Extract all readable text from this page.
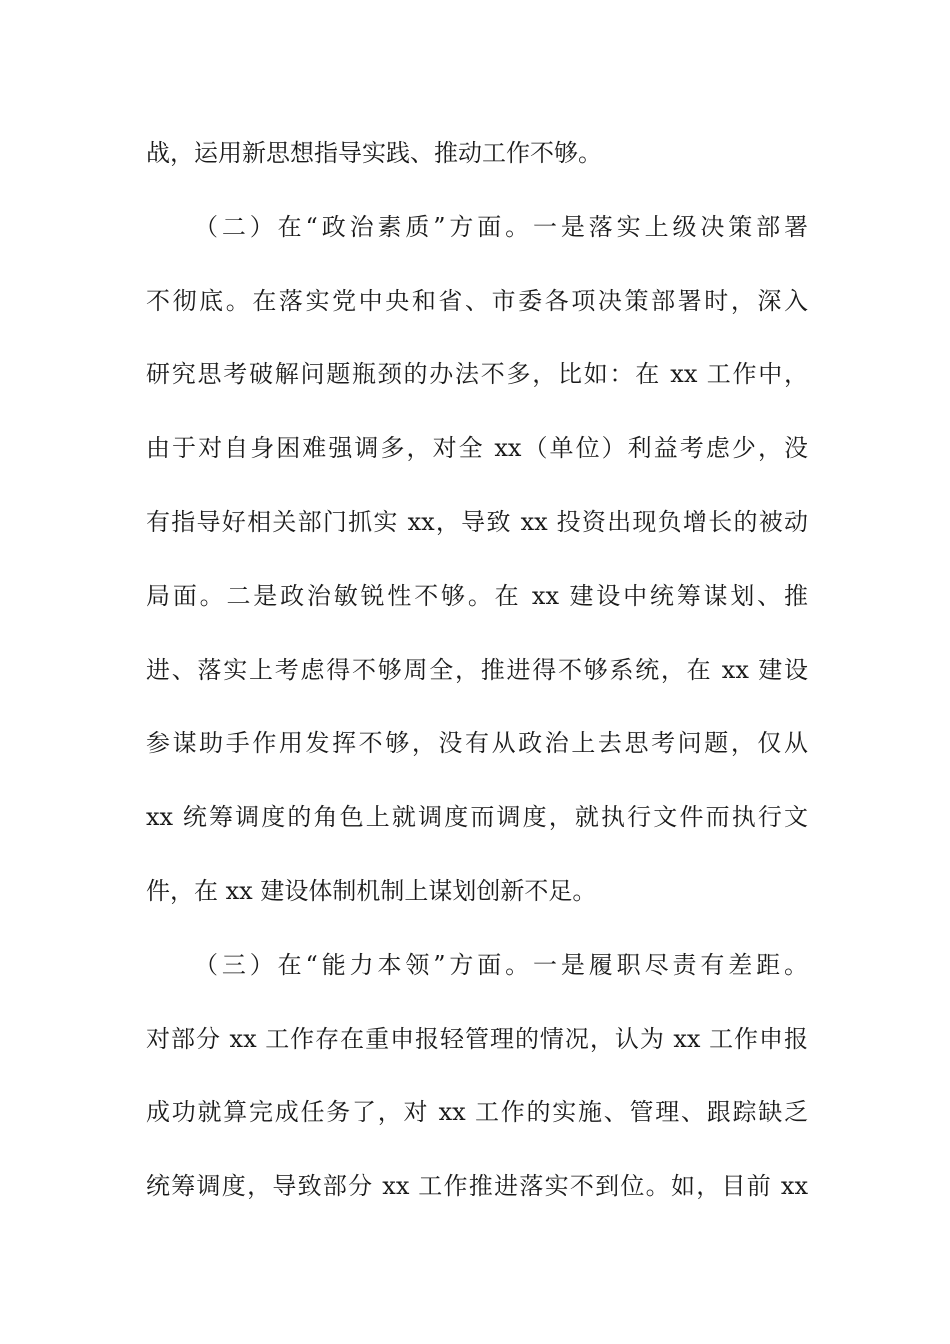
战，运用新思想指导实践、推动工作不够。
（二）在“政治素质”方面。一是落实上级决策部署
不彻底。在落实党中央和省、市委各项决策部署时，深入
研究思考破解问题瓶颈的办法不多，比如：在 xx 工作中，
由于对自身困难强调多，对全 xx（单位）利益考虑少，没
有指导好相关部门抓实 xx，导致 xx 投资出现负增长的被动
局面。二是政治敏锐性不够。在 xx 建设中统筹谋划、推
进、落实上考虑得不够周全，推进得不够系统，在 xx 建设
参谋助手作用发挥不够，没有从政治上去思考问题，仅从
xx 统筹调度的角色上就调度而调度，就执行文件而执行文
件，在 xx 建设体制机制上谋划创新不足。
（三）在“能力本领”方面。一是履职尽责有差距。
对部分 xx 工作存在重申报轻管理的情况，认为 xx 工作申报
成功就算完成任务了，对 xx 工作的实施、管理、跟踪缺乏
统筹调度，导致部分 xx 工作推进落实不到位。如，目前 xx
